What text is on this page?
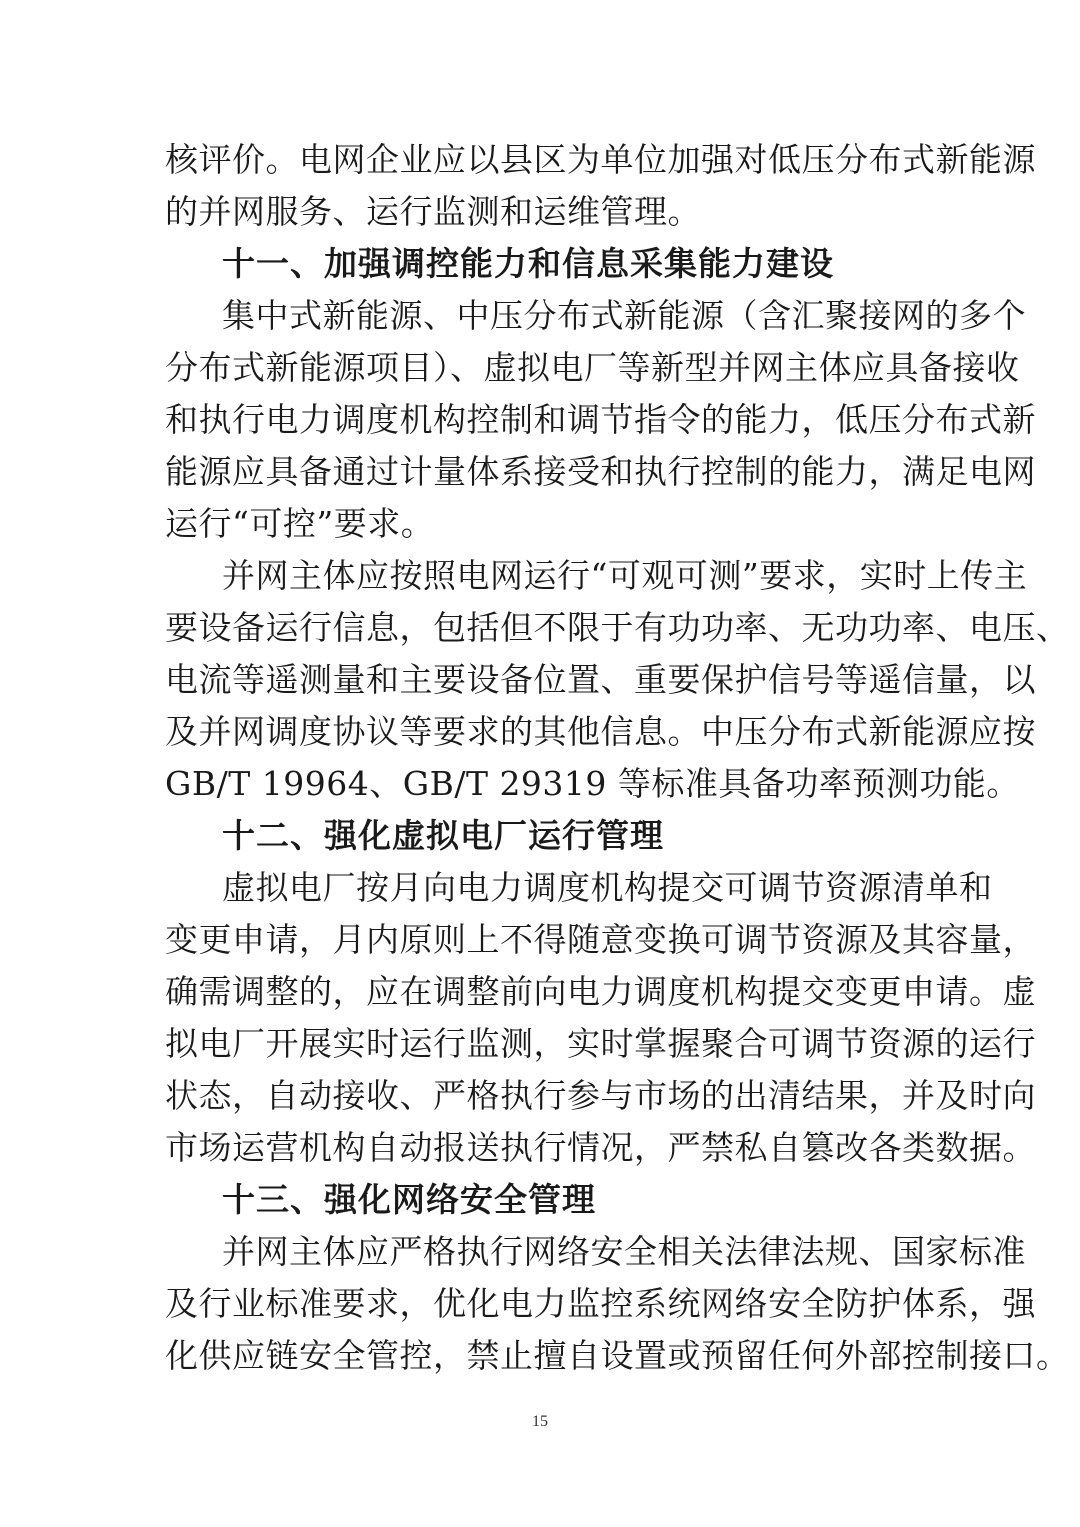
核评价。电网企业应以县区为单位加强对低压分布式新能源
的并网服务、运行监测和运维管理。
十一、加强调控能力和信息采集能力建设
集中式新能源、中压分布式新能源（含汇聚接网的多个
分布式新能源项目）、虚拟电厂等新型并网主体应具备接收
和执行电力调度机构控制和调节指令的能力，低压分布式新
能源应具备通过计量体系接受和执行控制的能力，满足电网
运行“可控”要求。
并网主体应按照电网运行“可观可测”要求，实时上传主
要设备运行信息，包括但不限于有功功率、无功功率、电压、
电流等遥测量和主要设备位置、重要保护信号等遥信量，以
及并网调度协议等要求的其他信息。中压分布式新能源应按
GB/T 19964、GB/T 29319 等标准具备功率预测功能。
十二、强化虚拟电厂运行管理
虚拟电厂按月向电力调度机构提交可调节资源清单和
变更申请，月内原则上不得随意变换可调节资源及其容量，
确需调整的，应在调整前向电力调度机构提交变更申请。虚
拟电厂开展实时运行监测，实时掌握聚合可调节资源的运行
状态，自动接收、严格执行参与市场的出清结果，并及时向
市场运营机构自动报送执行情况，严禁私自篡改各类数据。
十三、强化网络安全管理
并网主体应严格执行网络安全相关法律法规、国家标准
及行业标准要求，优化电力监控系统网络安全防护体系，强
化供应链安全管控，禁止擅自设置或预留任何外部控制接口。
15
